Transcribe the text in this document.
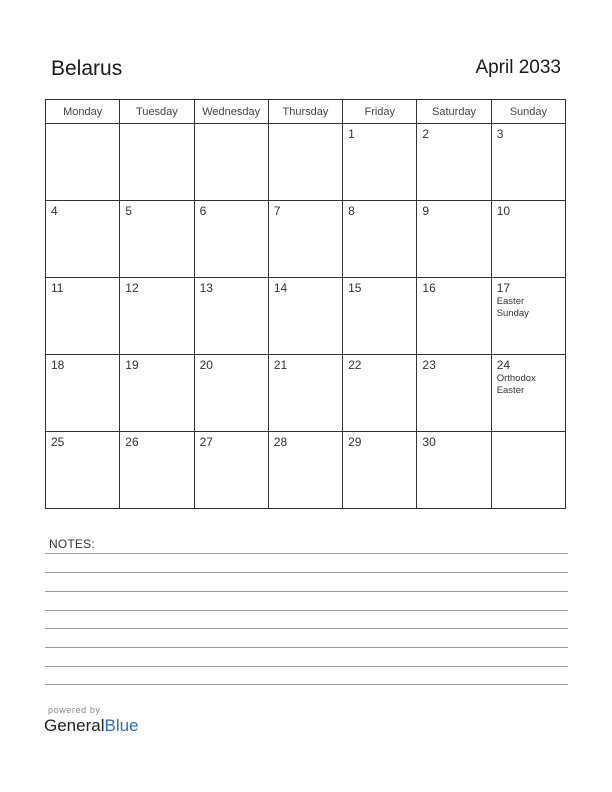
Belarus	April 2033
Monday	Tuesday	Wednesday	Thursday	Friday	Saturday	Sunday

				1	2	3

4	5	6	7	8	9	10

11	12	13	14	15	16	17
Easter Sunday

18	19	20	21	22	23	24
Orthodox Easter

25	26	27	28	29	30	

NOTES:
powered by
GeneralBlue
